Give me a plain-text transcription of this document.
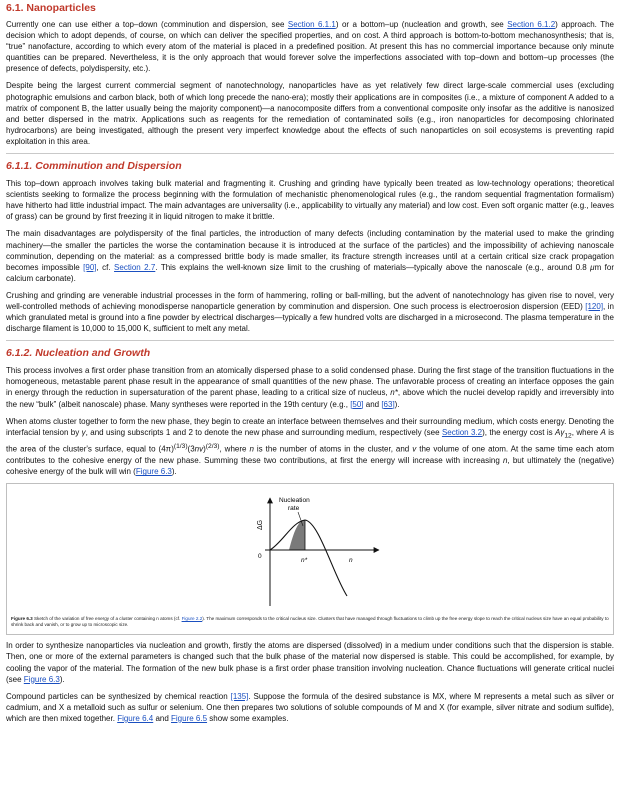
6.1. Nanoparticles

Currently one can use either a top–down (comminution and dispersion, see Section 6.1.1) or a bottom–up (nucleation and growth, see Section 6.1.2) approach. The decision which to adopt depends, of course, on which can deliver the specified properties, and on cost. A third approach is bottom-to-bottom mechanosynthesis; that is, “true” nanofacture, according to which every atom of the material is placed in a predefined position. At present this has no commercial importance because only minute quantities can be prepared. Nevertheless, it is the only approach that would forever solve the imperfections associated with top–down and bottom–up processes (the presence of defects, polydispersity, etc.).

Despite being the largest current commercial segment of nanotechnology, nanoparticles have as yet relatively few direct large-scale commercial uses (excluding photographic emulsions and carbon black, both of which long precede the nano-era); mostly their applications are in composites (i.e., a mixture of component A added to a matrix of component B, the latter usually being the majority component)—a nanocomposite differs from a conventional composite only insofar as the additive is nanosized and better dispersed in the matrix. Applications such as reagents for the remediation of contaminated soils (e.g., iron nanoparticles for decomposing chlorinated hydrocarbons) are being investigated, although the present very imperfect knowledge about the effects of such nanoparticles on soil ecosystems is preventing rapid exploitation in this area.

6.1.1. Comminution and Dispersion

This top–down approach involves taking bulk material and fragmenting it. Crushing and grinding have typically been treated as low-technology operations; theoretical scientists seeking to formalize the process beginning with the formulation of mechanistic phenomenological rules (e.g., the random sequential fragmentation formalism) have hitherto had little industrial impact. The main advantages are universality (i.e., applicability to virtually any material) and low cost. Even soft organic matter (e.g., leaves of grass) can be ground by first freezing it in liquid nitrogen to make it brittle.

The main disadvantages are polydispersity of the final particles, the introduction of many defects (including contamination by the material used to make the grinding machinery—the smaller the particles the worse the contamination because it is introduced at the surface of the particles) and the impossibility of achieving nanoscale comminution, depending on the material: as a compressed brittle body is made smaller, its fracture strength increases until at a certain critical size crack propagation becomes impossible [90], cf. Section 2.7. This explains the well-known size limit to the crushing of materials—typically above the nanoscale (e.g., around 0.8 μm for calcium carbonate).

Crushing and grinding are venerable industrial processes in the form of hammering, rolling or ball-milling, but the advent of nanotechnology has given rise to novel, very well-controlled methods of achieving monodisperse nanoparticle generation by comminution and dispersion. One such process is electroerosion dispersion (EED) [120], in which granulated metal is ground into a fine powder by electrical discharges—typically a few hundred volts are discharged in a microsecond. The plasma temperature in the discharge filament is 10,000 to 15,000 K, sufficient to melt any metal.

6.1.2. Nucleation and Growth

This process involves a first order phase transition from an atomically dispersed phase to a solid condensed phase. During the first stage of the transition fluctuations in the homogeneous, metastable parent phase result in the appearance of small quantities of the new phase. The unfavorable process of creating an interface opposes the gain in energy through the reduction in supersaturation of the parent phase, leading to a critical size of nucleus, n*, above which the nuclei develop rapidly and irreversibly into the new “bulk” (albeit nanoscale) phase. Many syntheses were reported in the 19th century (e.g., [50] and [63]).

When atoms cluster together to form the new phase, they begin to create an interface between themselves and their surrounding medium, which costs energy. Denoting the interfacial tension by γ, and using subscripts 1 and 2 to denote the new phase and surrounding medium, respectively (see Section 3.2), the energy cost is $A\gamma_{12}$, where A is the area of the cluster's surface, equal to $(4\pi)^{(1/3)}(3nv)^{(2/3)}$, where n is the number of atoms in the cluster, and v the volume of one atom. At the same time each atom contributes to the cohesive energy of the new phase. Summing these two contributions, at first the energy will increase with increasing n, but ultimately the (negative) cohesive energy of the bulk will win (Figure 6.3).

ΔG
0
n*	n
Nucleation
rate
Figure 6.3 Sketch of the variation of free energy of a cluster containing n atoms (cf. Figure 2.2). The maximum corresponds to the critical nucleus size. Clusters that have managed through fluctuations to climb up the free energy slope to reach the critical nucleus size have an equal probability to shrink back and vanish, or to grow up to microscopic size.

In order to synthesize nanoparticles via nucleation and growth, firstly the atoms are dispersed (dissolved) in a medium under conditions such that the dispersion is stable. Then, one or more of the external parameters is changed such that the bulk phase of the material now dispersed is stable. This could be accomplished, for example, by cooling the vapor of the material. The formation of the new bulk phase is a first order phase transition involving nucleation. Chance fluctuations will generate critical nuclei (see Figure 6.3).

Compound particles can be synthesized by chemical reaction [135]. Suppose the formula of the desired substance is MX, where M represents a metal such as silver or cadmium, and X a metalloid such as sulfur or selenium. One then prepares two solutions of soluble compounds of M and X (for example, silver nitrate and sodium sulfide), which are then mixed together. Figure 6.4 and Figure 6.5 show some examples.
